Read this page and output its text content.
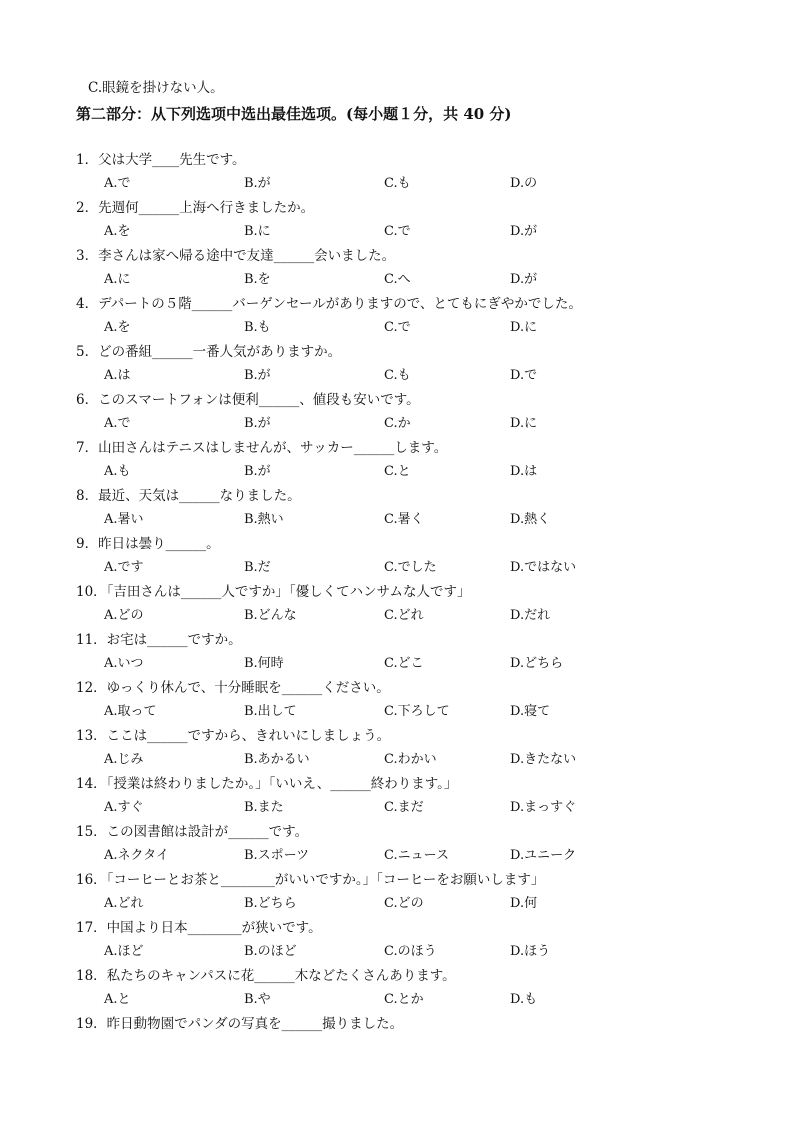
C.眼鏡を掛けない人。
第二部分：从下列选项中选出最佳选项。(每小题１分，共 40 分)
1．父は大学____先生です。
A.で	B.が	C.も	D.の
2．先週何______上海へ行きましたか。
A.を	B.に	C.で	D.が
3．李さんは家へ帰る途中で友達______会いました。
A.に	B.を	C.へ	D.が
4．デパートの５階______バーゲンセールがありますので、とてもにぎやかでした。
A.を	B.も	C.で	D.に
5．どの番組______一番人気がありますか。
A.は	B.が	C.も	D.で
6．このスマートフォンは便利______、値段も安いです。
A.で	B.が	C.か	D.に
7．山田さんはテニスはしませんが、サッカー______します。
A.も	B.が	C.と	D.は
8．最近、天気は______なりました。
A.暑い	B.熱い	C.暑く	D.熱く
9．昨日は曇り______。
A.です	B.だ	C.でした	D.ではない
10．「吉田さんは______人ですか」「優しくてハンサムな人です」
A.どの	B.どんな	C.どれ	D.だれ
11．お宅は______ですか。
A.いつ	B.何時	C.どこ	D.どちら
12．ゆっくり休んで、十分睡眠を______ください。
A.取って	B.出して	C.下ろして	D.寝て
13．ここは______ですから、きれいにしましょう。
A.じみ	B.あかるい	C.わかい	D.きたない
14．「授業は終わりましたか。」「いいえ、______終わります。」
A.すぐ	B.また	C.まだ	D.まっすぐ
15．この図書館は設計が______です。
A.ネクタイ	B.スポーツ	C.ニュース	D.ユニーク
16．「コーヒーとお茶と________がいいですか。」「コーヒーをお願いします」
A.どれ	B.どちら	C.どの	D.何
17．中国より日本________が狭いです。
A.ほど	B.のほど	C.のほう	D.ほう
18．私たちのキャンパスに花______木などたくさんあります。
A.と	B.や	C.とか	D.も
19．昨日動物園でパンダの写真を______撮りました。
